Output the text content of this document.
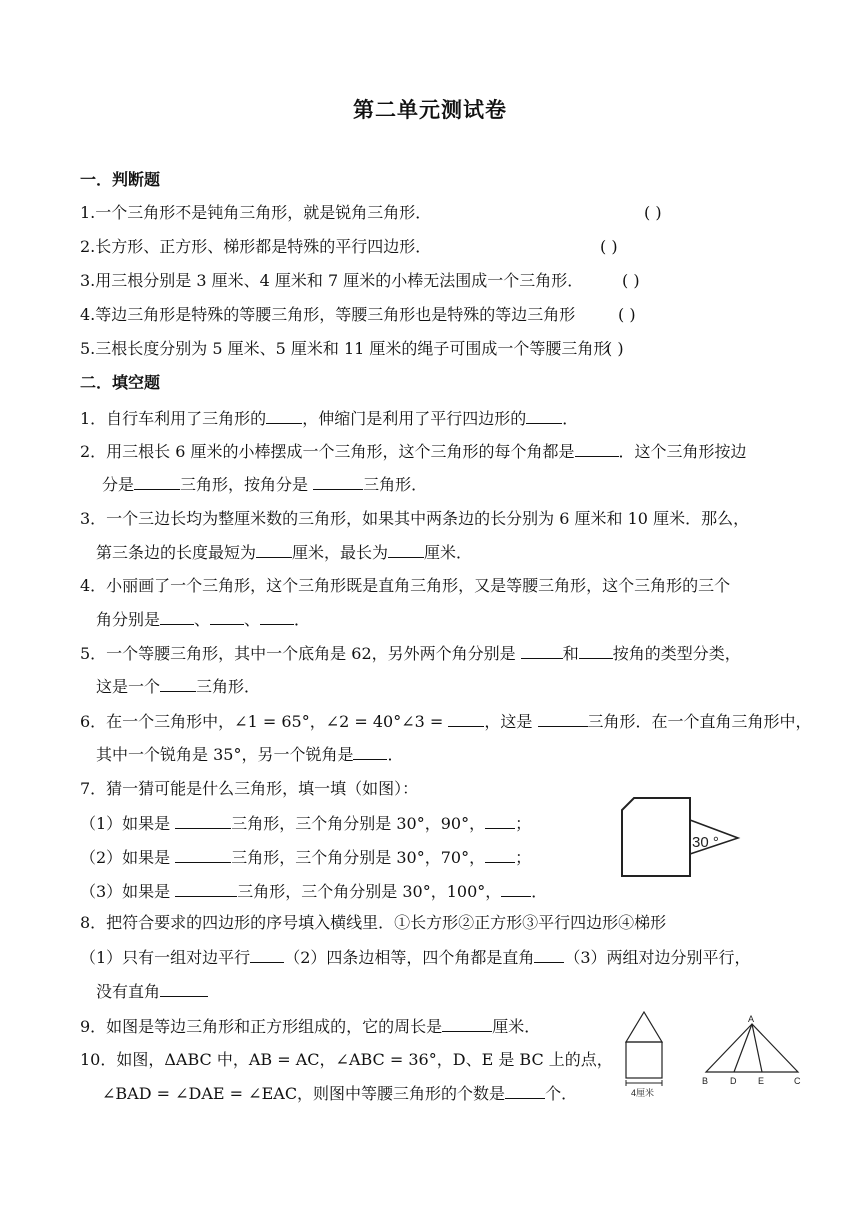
第二单元测试卷
一．判断题
1.一个三角形不是钝角三角形，就是锐角三角形．	( )
2.长方形、正方形、梯形都是特殊的平行四边形．	( )
3.用三根分别是 3 厘米、4 厘米和 7 厘米的小棒无法围成一个三角形． ( )
4.等边三角形是特殊的等腰三角形，等腰三角形也是特殊的等边三角形	( )
5.三根长度分别为 5 厘米、5 厘米和 11 厘米的绳子可围成一个等腰三角形
( )
二．填空题
1．自行车利用了三角形的 ，伸缩门是利用了平行四边形的 ．
2．用三根长 6 厘米的小棒摆成一个三角形，这个三角形的每个角都是	．这个三角形按边
分是	三角形，按角分是	三角形．
3．一个三边长均为整厘米数的三角形，如果其中两条边的长分别为 6 厘米和 10 厘米．那么，
第三条边的长度最短为 厘米，最长为 厘米．
4．小丽画了一个三角形，这个三角形既是直角三角形，又是等腰三角形，这个三角形的三个
角分别是 、 、 ．
5．一个等腰三角形，其中一个底角是 62，另外两个角分别是	和 按角的类型分类，
这是一个 三角形．
6．在一个三角形中，∠1 = 65°，∠2 = 40°∠3 = ，这是	三角形．在一个直角三角形中，
其中一个锐角是 35°，另一个锐角是 ．
7．猜一猜可能是什么三角形，填一填（如图）：
（1）如果是	三角形，三个角分别是 30°，90°， ；
（2）如果是	三角形，三个角分别是 30°，70°， ；
（3）如果是	三角形，三个角分别是 30°，100°， ．
30 °
8．把符合要求的四边形的序号填入横线里．①长方形②正方形③平行四边形④梯形
（1）只有一组对边平行 （2）四条边相等，四个角都是直角 （3）两组对边分别平行，
没有直角
9．如图是等边三角形和正方形组成的，它的周长是	厘米．
10．如图，ΔABC 中，AB = AC，∠ABC = 36°，D、E 是 BC 上的点，
∠BAD = ∠DAE = ∠EAC，则图中等腰三角形的个数是	个．	4厘米
A
B D E	C
